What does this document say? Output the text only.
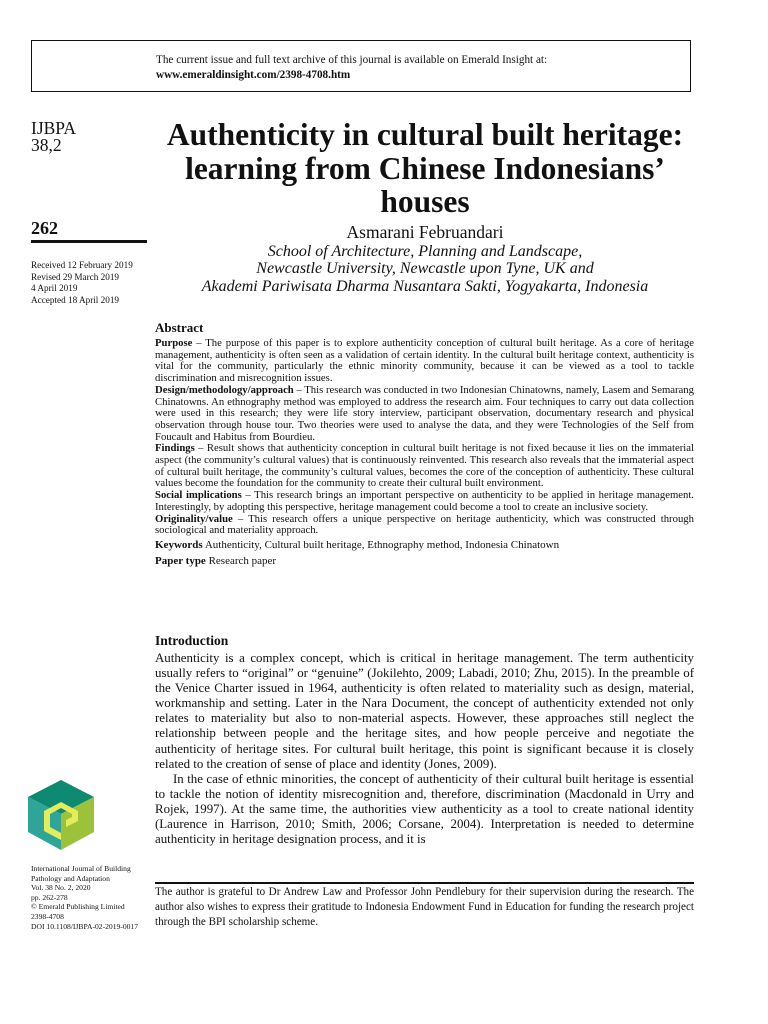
The current issue and full text archive of this journal is available on Emerald Insight at:
www.emeraldinsight.com/2398-4708.htm
IJBPA
38,2
262
Received 12 February 2019
Revised 29 March 2019
4 April 2019
Accepted 18 April 2019
International Journal of Building
Pathology and Adaptation
Vol. 38 No. 2, 2020
pp. 262-278
© Emerald Publishing Limited
2398-4708
DOI 10.1108/IJBPA-02-2019-0017
Authenticity in cultural built heritage: learning from Chinese Indonesians’ houses
Asmarani Februandari
School of Architecture, Planning and Landscape,
Newcastle University, Newcastle upon Tyne, UK and
Akademi Pariwisata Dharma Nusantara Sakti, Yogyakarta, Indonesia
Abstract

Purpose – The purpose of this paper is to explore authenticity conception of cultural built heritage. As a core of heritage management, authenticity is often seen as a validation of certain identity. In the cultural built heritage context, authenticity is vital for the community, particularly the ethnic minority community, because it can be viewed as a tool to tackle discrimination and misrecognition issues.

Design/methodology/approach – This research was conducted in two Indonesian Chinatowns, namely, Lasem and Semarang Chinatowns. An ethnography method was employed to address the research aim. Four techniques to carry out data collection were used in this research; they were life story interview, participant observation, documentary research and physical observation through house tour. Two theories were used to analyse the data, and they were Technologies of the Self from Foucault and Habitus from Bourdieu.

Findings – Result shows that authenticity conception in cultural built heritage is not fixed because it lies on the immaterial aspect (the community’s cultural values) that is continuously reinvented. This research also reveals that the immaterial aspect of cultural built heritage, the community’s cultural values, becomes the core of the conception of authenticity. These cultural values become the foundation for the community to create their cultural built environment.

Social implications – This research brings an important perspective on authenticity to be applied in heritage management. Interestingly, by adopting this perspective, heritage management could become a tool to create an inclusive society.

Originality/value – This research offers a unique perspective on heritage authenticity, which was constructed through sociological and materiality approach.

Keywords Authenticity, Cultural built heritage, Ethnography method, Indonesia Chinatown

Paper type Research paper

Introduction

Authenticity is a complex concept, which is critical in heritage management. The term authenticity usually refers to “original” or “genuine” (Jokilehto, 2009; Labadi, 2010; Zhu, 2015). In the preamble of the Venice Charter issued in 1964, authenticity is often related to materiality such as design, material, workmanship and setting. Later in the Nara Document, the concept of authenticity extended not only relates to materiality but also to non-material aspects. However, these approaches still neglect the relationship between people and the heritage sites, and how people perceive and negotiate the authenticity of heritage sites. For cultural built heritage, this point is significant because it is closely related to the creation of sense of place and identity (Jones, 2009).

In the case of ethnic minorities, the concept of authenticity of their cultural built heritage is essential to tackle the notion of identity misrecognition and, therefore, discrimination (Macdonald in Urry and Rojek, 1997). At the same time, the authorities view authenticity as a tool to create national identity (Laurence in Harrison, 2010; Smith, 2006; Corsane, 2004). Interpretation is needed to determine authenticity in heritage designation process, and it is

The author is grateful to Dr Andrew Law and Professor John Pendlebury for their supervision during the research. The author also wishes to express their gratitude to Indonesia Endowment Fund in Education for funding the research project through the BPI scholarship scheme.
